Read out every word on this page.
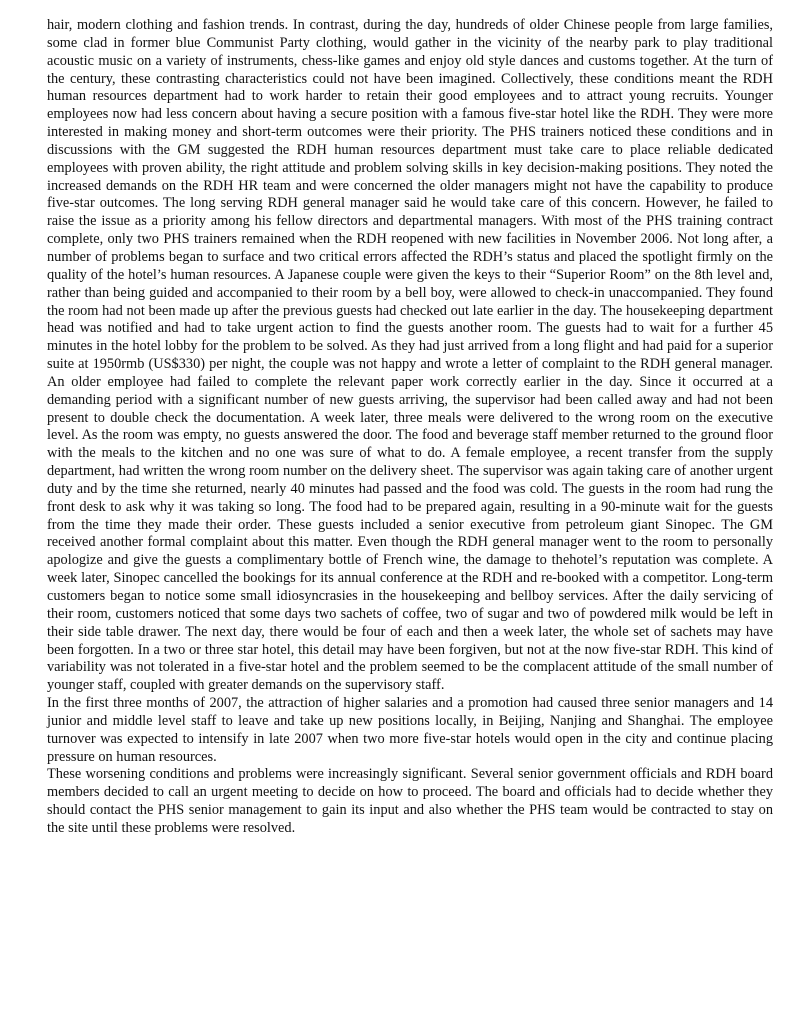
hair, modern clothing and fashion trends. In contrast, during the day, hundreds of older Chinese people from large families, some clad in former blue Communist Party clothing, would gather in the vicinity of the nearby park to play traditional acoustic music on a variety of instruments, chess-like games and enjoy old style dances and customs together. At the turn of the century, these contrasting characteristics could not have been imagined. Collectively, these conditions meant the RDH human resources department had to work harder to retain their good employees and to attract young recruits. Younger employees now had less concern about having a secure position with a famous five-star hotel like the RDH. They were more interested in making money and short-term outcomes were their priority. The PHS trainers noticed these conditions and in discussions with the GM suggested the RDH human resources department must take care to place reliable dedicated employees with proven ability, the right attitude and problem solving skills in key decision-making positions. They noted the increased demands on the RDH HR team and were concerned the older managers might not have the capability to produce five-star outcomes. The long serving RDH general manager said he would take care of this concern. However, he failed to raise the issue as a priority among his fellow directors and departmental managers. With most of the PHS training contract complete, only two PHS trainers remained when the RDH reopened with new facilities in November 2006. Not long after, a number of problems began to surface and two critical errors affected the RDH’s status and placed the spotlight firmly on the quality of the hotel’s human resources. A Japanese couple were given the keys to their “Superior Room” on the 8th level and, rather than being guided and accompanied to their room by a bell boy, were allowed to check-in unaccompanied. They found the room had not been made up after the previous guests had checked out late earlier in the day. The housekeeping department head was notified and had to take urgent action to find the guests another room. The guests had to wait for a further 45 minutes in the hotel lobby for the problem to be solved. As they had just arrived from a long flight and had paid for a superior suite at 1950rmb (US$330) per night, the couple was not happy and wrote a letter of complaint to the RDH general manager. An older employee had failed to complete the relevant paper work correctly earlier in the day. Since it occurred at a demanding period with a significant number of new guests arriving, the supervisor had been called away and had not been present to double check the documentation. A week later, three meals were delivered to the wrong room on the executive level. As the room was empty, no guests answered the door. The food and beverage staff member returned to the ground floor with the meals to the kitchen and no one was sure of what to do. A female employee, a recent transfer from the supply department, had written the wrong room number on the delivery sheet. The supervisor was again taking care of another urgent duty and by the time she returned, nearly 40 minutes had passed and the food was cold. The guests in the room had rung the front desk to ask why it was taking so long. The food had to be prepared again, resulting in a 90-minute wait for the guests from the time they made their order. These guests included a senior executive from petroleum giant Sinopec. The GM received another formal complaint about this matter. Even though the RDH general manager went to the room to personally apologize and give the guests a complimentary bottle of French wine, the damage to thehotel’s reputation was complete. A week later, Sinopec cancelled the bookings for its annual conference at the RDH and re-booked with a competitor. Long-term customers began to notice some small idiosyncrasies in the housekeeping and bellboy services. After the daily servicing of their room, customers noticed that some days two sachets of coffee, two of sugar and two of powdered milk would be left in their side table drawer. The next day, there would be four of each and then a week later, the whole set of sachets may have been forgotten. In a two or three star hotel, this detail may have been forgiven, but not at the now five-star RDH. This kind of variability was not tolerated in a five-star hotel and the problem seemed to be the complacent attitude of the small number of younger staff, coupled with greater demands on the supervisory staff.

In the first three months of 2007, the attraction of higher salaries and a promotion had caused three senior managers and 14 junior and middle level staff to leave and take up new positions locally, in Beijing, Nanjing and Shanghai. The employee turnover was expected to intensify in late 2007 when two more five-star hotels would open in the city and continue placing pressure on human resources.

These worsening conditions and problems were increasingly significant. Several senior government officials and RDH board members decided to call an urgent meeting to decide on how to proceed. The board and officials had to decide whether they should contact the PHS senior management to gain its input and also whether the PHS team would be contracted to stay on the site until these problems were resolved.
